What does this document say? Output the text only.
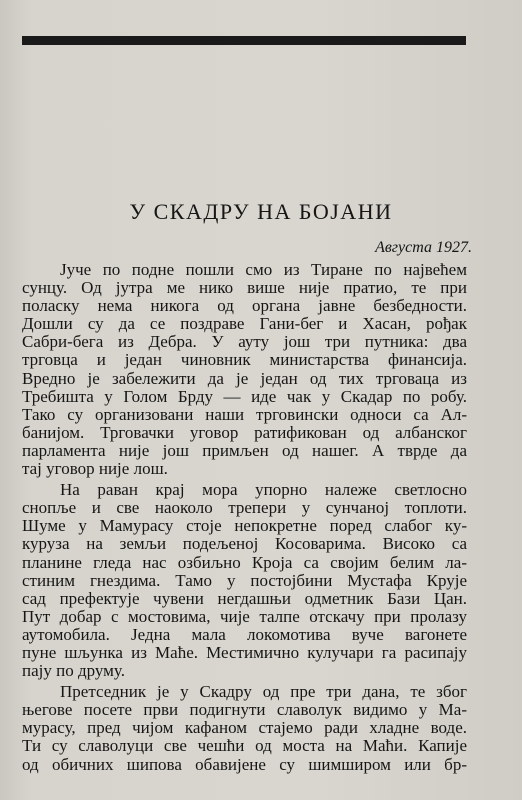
У СКАДРУ НА БОЈАНИ
Августа 1927.
Јуче по подне пошли смо из Тиране по највећем
сунцу. Од јутра ме нико више није пратио, те при
поласку нема никога од органа јавне безбедности.
Дошли су да се поздраве Гани-бег и Хасан, рођак
Сабри-бега из Дебра. У ауту још три путника: два
трговца и један чиновник министарства финансија.
Вредно је забележити да је један од тих трговаца из
Требишта у Голом Брду — иде чак у Скадар по робу.
Тако су организовани наши трговински односи са Ал-
банијом. Трговачки уговор ратификован од албанског
парламента није још примљен од нашег. А тврде да
тај уговор није лош.
На раван крај мора упорно належе светлосно
снопље и све наоколо трепери у сунчаној топлоти.
Шуме у Мамурасу стоје непокретне поред слабог ку-
куруза на земљи подељеној Косоварима. Високо са
планине гледа нас озбиљно Кроја са својим белим ла-
стиним гнездима. Тамо у постојбини Мустафа Крује
сад префектује чувени негдашњи одметник Бази Цан.
Пут добар с мостовима, чије талпе отскачу при пролазу
аутомобила. Једна мала локомотива вуче вагонете
пуне шљунка из Маће. Местимично кулучари га расипају
пају по друму.
Претседник је у Скадру од пре три дана, те због
његове посете први подигнути славолук видимо у Ма-
мурасу, пред чијом кафаном стајемо ради хладне воде.
Ти су славолуци све чешћи од моста на Маћи. Капије
од обичних шипова обавијене су шимширом или бр-
